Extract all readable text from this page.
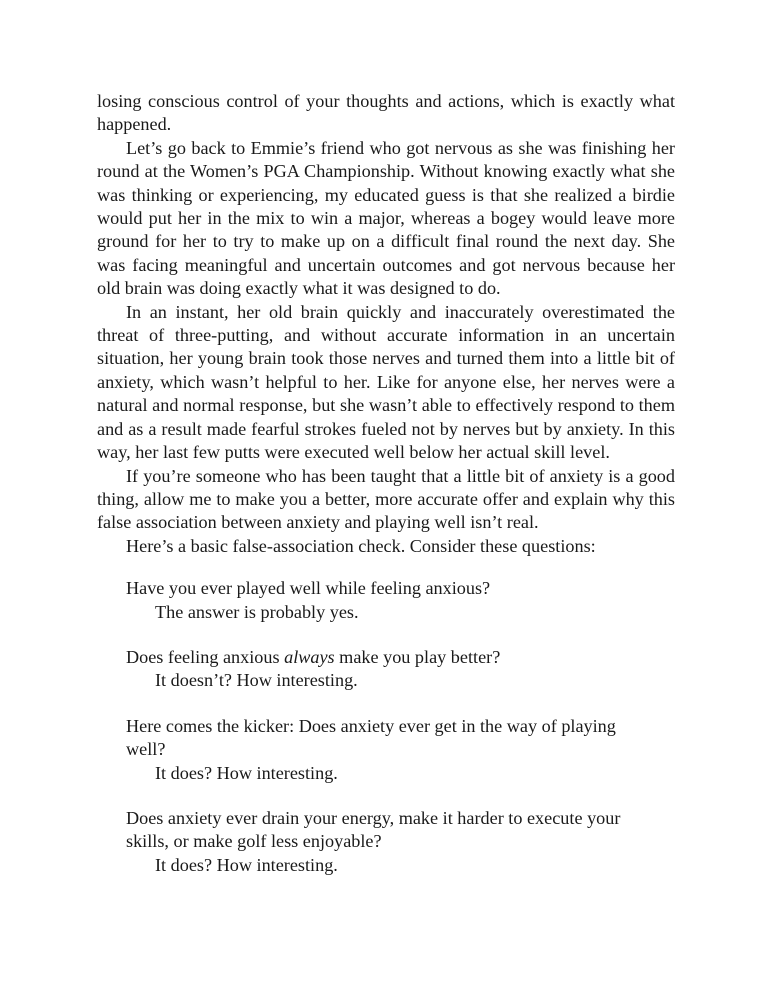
losing conscious control of your thoughts and actions, which is exactly what happened.

Let’s go back to Emmie’s friend who got nervous as she was finishing her round at the Women’s PGA Championship. Without knowing exactly what she was thinking or experiencing, my educated guess is that she realized a birdie would put her in the mix to win a major, whereas a bogey would leave more ground for her to try to make up on a difficult final round the next day. She was facing meaningful and uncertain outcomes and got nervous because her old brain was doing exactly what it was designed to do.

In an instant, her old brain quickly and inaccurately overestimated the threat of three-putting, and without accurate information in an uncertain situation, her young brain took those nerves and turned them into a little bit of anxiety, which wasn’t helpful to her. Like for anyone else, her nerves were a natural and normal response, but she wasn’t able to effectively respond to them and as a result made fearful strokes fueled not by nerves but by anxiety. In this way, her last few putts were executed well below her actual skill level.

If you’re someone who has been taught that a little bit of anxiety is a good thing, allow me to make you a better, more accurate offer and explain why this false association between anxiety and playing well isn’t real.

Here’s a basic false-association check. Consider these questions:

Have you ever played well while feeling anxious?

The answer is probably yes.

Does feeling anxious always make you play better?

It doesn’t? How interesting.

Here comes the kicker: Does anxiety ever get in the way of playing well?

It does? How interesting.

Does anxiety ever drain your energy, make it harder to execute your skills, or make golf less enjoyable?

It does? How interesting.
